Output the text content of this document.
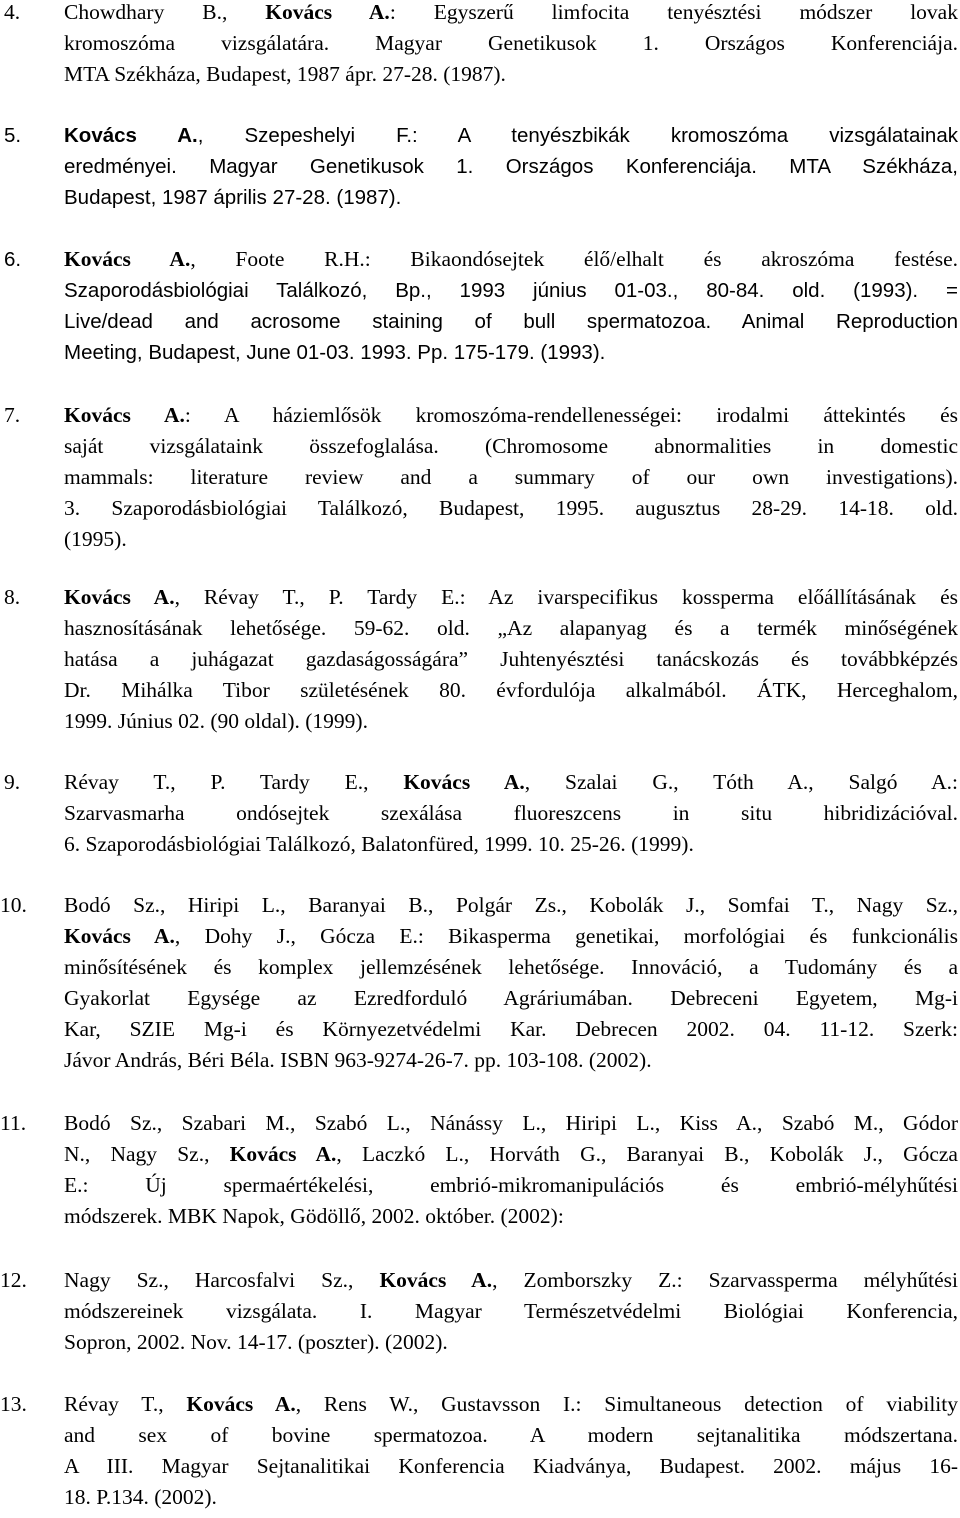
4. Chowdhary B., Kovács A.: Egyszerű limfocita tenyésztési módszer lovak
kromoszóma vizsgálatára. Magyar Genetikusok 1. Országos Konferenciája.
MTA Székháza, Budapest, 1987 ápr. 27-28. (1987).
5. Kovács A., Szepeshelyi F.: A tenyészbikák kromoszóma vizsgálatainak
eredményei. Magyar Genetikusok 1. Országos Konferenciája. MTA Székháza,
Budapest, 1987 április 27-28. (1987).
6. Kovács A., Foote R.H.: Bikaondósejtek élő/elhalt és akroszóma festése.
Szaporodásbiológiai Találkozó, Bp., 1993 június 01-03., 80-84. old. (1993). =
Live/dead and acrosome staining of bull spermatozoa. Animal Reproduction
Meeting, Budapest, June 01-03. 1993. Pp. 175-179. (1993).
7. Kovács A.: A háziemlősök kromoszóma-rendellenességei: irodalmi áttekintés és
saját vizsgálataink összefoglalása. (Chromosome abnormalities in domestic
mammals: literature review and a summary of our own investigations).
3. Szaporodásbiológiai Találkozó, Budapest, 1995. augusztus 28-29. 14-18. old.
(1995).
8. Kovács A., Révay T., P. Tardy E.: Az ivarspecifikus kossperma előállításának és
hasznosításának lehetősége. 59-62. old. „Az alapanyag és a termék minőségének
hatása a juhágazat gazdaságosságára” Juhtenyésztési tanácskozás és továbbképzés
Dr. Mihálka Tibor születésének 80. évfordulója alkalmából. ÁTK, Herceghalom,
1999. Június 02. (90 oldal). (1999).
9. Révay T., P. Tardy E., Kovács A., Szalai G., Tóth A., Salgó A.:
Szarvasmarha ondósejtek szexálása fluoreszcens in situ hibridizációval.
6. Szaporodásbiológiai Találkozó, Balatonfüred, 1999. 10. 25-26. (1999).
10. Bodó Sz., Hiripi L., Baranyai B., Polgár Zs., Kobolák J., Somfai T., Nagy Sz.,
Kovács A., Dohy J., Gócza E.: Bikasperma genetikai, morfológiai és funkcionális
minősítésének és komplex jellemzésének lehetősége. Innováció, a Tudomány és a
Gyakorlat Egysége az Ezredforduló Agráriumában. Debreceni Egyetem, Mg-i
Kar, SZIE Mg-i és Környezetvédelmi Kar. Debrecen 2002. 04. 11-12. Szerk:
Jávor András, Béri Béla. ISBN 963-9274-26-7. pp. 103-108. (2002).
11. Bodó Sz., Szabari M., Szabó L., Nánássy L., Hiripi L., Kiss A., Szabó M., Gódor
N., Nagy Sz., Kovács A., Laczkó L., Horváth G., Baranyai B., Kobolák J., Gócza
E.: Új spermaértékelési, embrió-mikromanipulációs és embrió-mélyhűtési
módszerek. MBK Napok, Gödöllő, 2002. október. (2002):
12. Nagy Sz., Harcosfalvi Sz., Kovács A., Zomborszky Z.: Szarvassperma mélyhűtési
módszereinek vizsgálata. I. Magyar Természetvédelmi Biológiai Konferencia,
Sopron, 2002. Nov. 14-17. (poszter). (2002).
13. Révay T., Kovács A., Rens W., Gustavsson I.: Simultaneous detection of viability
and sex of bovine spermatozoa. A modern sejtanalitika módszertana.
A III. Magyar Sejtanalitikai Konferencia Kiadványa, Budapest. 2002. május 16-
18. P.134. (2002).
